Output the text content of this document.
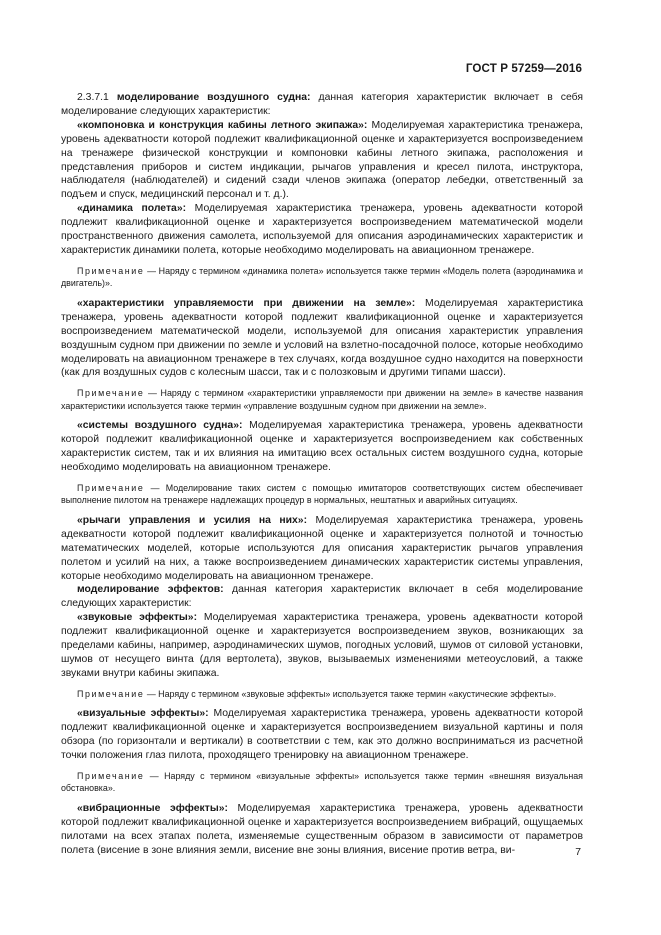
ГОСТ Р 57259—2016

2.3.7.1 моделирование воздушного судна: данная категория характеристик включает в себя моделирование следующих характеристик:

«компоновка и конструкция кабины летного экипажа»: Моделируемая характеристика тренажера, уровень адекватности которой подлежит квалификационной оценке и характеризуется воспроизведением на тренажере физической конструкции и компоновки кабины летного экипажа, расположения и представления приборов и систем индикации, рычагов управления и кресел пилота, инструктора, наблюдателя (наблюдателей) и сидений сзади членов экипажа (оператор лебедки, ответственный за подъем и спуск, медицинский персонал и т. д.).

«динамика полета»: Моделируемая характеристика тренажера, уровень адекватности которой подлежит квалификационной оценке и характеризуется воспроизведением математической модели пространственного движения самолета, используемой для описания аэродинамических характеристик и характеристик динамики полета, которые необходимо моделировать на авиационном тренажере.

Примечание — Наряду с термином «динамика полета» используется также термин «Модель полета (аэродинамика и двигатель)».

«характеристики управляемости при движении на земле»: Моделируемая характеристика тренажера, уровень адекватности которой подлежит квалификационной оценке и характеризуется воспроизведением математической модели, используемой для описания характеристик управления воздушным судном при движении по земле и условий на взлетно-посадочной полосе, которые необходимо моделировать на авиационном тренажере в тех случаях, когда воздушное судно находится на поверхности (как для воздушных судов с колесным шасси, так и с полозковым и другими типами шасси).

Примечание — Наряду с термином «характеристики управляемости при движении на земле» в качестве названия характеристики используется также термин «управление воздушным судном при движении на земле».

«системы воздушного судна»: Моделируемая характеристика тренажера, уровень адекватности которой подлежит квалификационной оценке и характеризуется воспроизведением как собственных характеристик систем, так и их влияния на имитацию всех остальных систем воздушного судна, которые необходимо моделировать на авиационном тренажере.

Примечание — Моделирование таких систем с помощью имитаторов соответствующих систем обеспечивает выполнение пилотом на тренажере надлежащих процедур в нормальных, нештатных и аварийных ситуациях.

«рычаги управления и усилия на них»: Моделируемая характеристика тренажера, уровень адекватности которой подлежит квалификационной оценке и характеризуется полнотой и точностью математических моделей, которые используются для описания характеристик рычагов управления полетом и усилий на них, а также воспроизведением динамических характеристик системы управления, которые необходимо моделировать на авиационном тренажере.

моделирование эффектов: данная категория характеристик включает в себя моделирование следующих характеристик:

«звуковые эффекты»: Моделируемая характеристика тренажера, уровень адекватности которой подлежит квалификационной оценке и характеризуется воспроизведением звуков, возникающих за пределами кабины, например, аэродинамических шумов, погодных условий, шумов от силовой установки, шумов от несущего винта (для вертолета), звуков, вызываемых изменениями метеоусловий, а также звуками внутри кабины экипажа.

Примечание — Наряду с термином «звуковые эффекты» используется также термин «акустические эффекты».

«визуальные эффекты»: Моделируемая характеристика тренажера, уровень адекватности которой подлежит квалификационной оценке и характеризуется воспроизведением визуальной картины и поля обзора (по горизонтали и вертикали) в соответствии с тем, как это должно восприниматься из расчетной точки положения глаз пилота, проходящего тренировку на авиационном тренажере.

Примечание — Наряду с термином «визуальные эффекты» используется также термин «внешняя визуальная обстановка».

«вибрационные эффекты»: Моделируемая характеристика тренажера, уровень адекватности которой подлежит квалификационной оценке и характеризуется воспроизведением вибраций, ощущаемых пилотами на всех этапах полета, изменяемые существенным образом в зависимости от параметров полета (висение в зоне влияния земли, висение вне зоны влияния, висение против ветра, ви-	7
